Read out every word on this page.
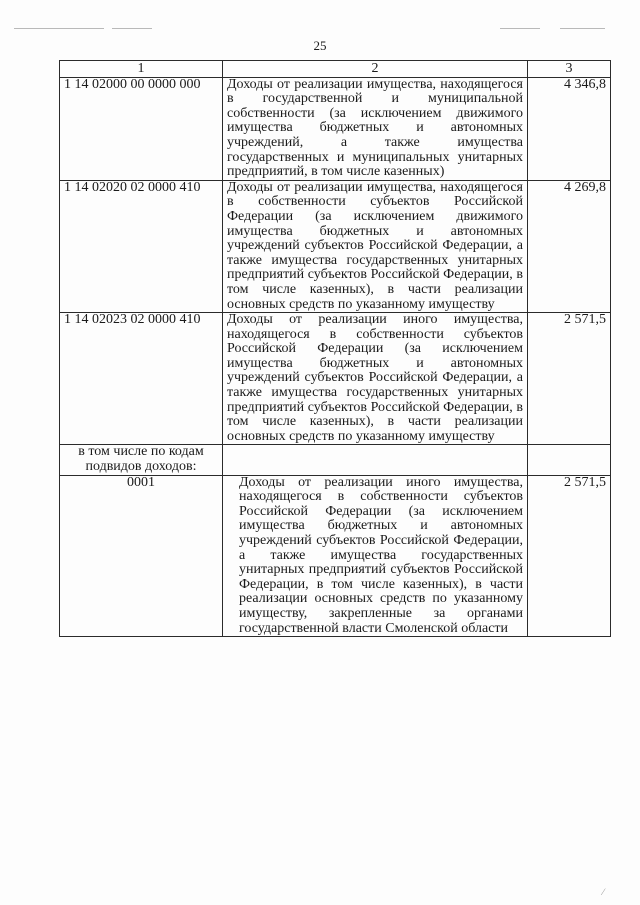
25
1	2	3
1 14 02000 00 0000 000	Доходы от реализации имущества, находящегося в государственной и муниципальной собственности (за исключением движимого имущества бюджетных и автономных учреждений, а также имущества государственных и муниципальных унитарных предприятий, в том числе казенных)	4 346,8
1 14 02020 02 0000 410	Доходы от реализации имущества, находящегося в собственности субъектов Российской Федерации (за исключением движимого имущества бюджетных и автономных учреждений субъектов Российской Федерации, а также имущества государственных унитарных предприятий субъектов Российской Федерации, в том числе казенных), в части реализации основных средств по указанному имуществу	4 269,8
1 14 02023 02 0000 410	Доходы от реализации иного имущества, находящегося в собственности субъектов Российской Федерации (за исключением имущества бюджетных и автономных учреждений субъектов Российской Федерации, а также имущества государственных унитарных предприятий субъектов Российской Федерации, в том числе казенных), в части реализации основных средств по указанному имуществу	2 571,5
в том числе по кодам подвидов доходов:		
0001	Доходы от реализации иного имущества, находящегося в собственности субъектов Российской Федерации (за исключением имущества бюджетных и автономных учреждений субъектов Российской Федерации, а также имущества государственных унитарных предприятий субъектов Российской Федерации, в том числе казенных), в части реализации основных средств по указанному имуществу, закрепленные за органами государственной власти Смоленской области	2 571,5
⁄
